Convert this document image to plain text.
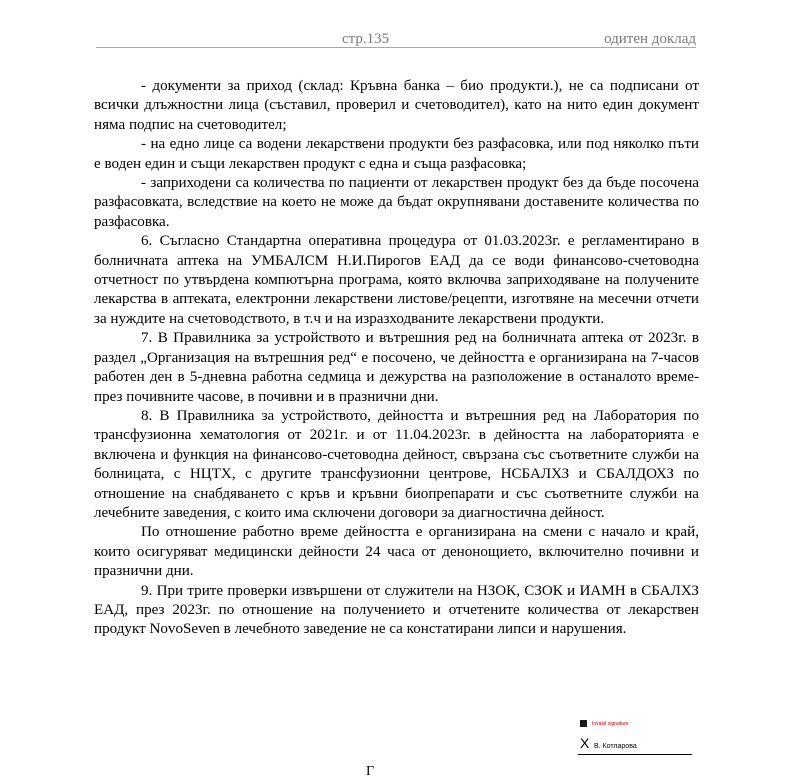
стр.135	одитен доклад

- документи за приход (склад: Кръвна банка – био продукти.), не са подписани от всички длъжностни лица (съставил, проверил и счетоводител), като на нито един документ няма подпис на счетоводител;

- на едно лице са водени лекарствени продукти без разфасовка, или под няколко пъти е воден един и същи лекарствен продукт с една и съща разфасовка;

- заприходени са количества по пациенти от лекарствен продукт без да бъде посочена разфасовката, вследствие на което не може да бъдат окрупнявани доставените количества по разфасовка.

6. Съгласно Стандартна оперативна процедура от 01.03.2023г. е регламентирано в болничната аптека на УМБАЛСМ Н.И.Пирогов ЕАД да се води финансово-счетоводна отчетност по утвърдена компютърна програма, която включва заприходяване на получените лекарства в аптеката, електронни лекарствени листове/рецепти, изготвяне на месечни отчети за нуждите на счетоводството, в т.ч и на изразходваните лекарствени продукти.

7. В Правилника за устройството и вътрешния ред на болничната аптека от 2023г. в раздел „Организация на вътрешния ред“ е посочено, че дейността е организирана на 7-часов работен ден в 5-дневна работна седмица и дежурства на разположение в останалото време-през почивните часове, в почивни и в празнични дни.

8. В Правилника за устройството, дейността и вътрешния ред на Лаборатория по трансфузионна хематология от 2021г. и от 11.04.2023г. в дейността на лабораторията е включена и функция на финансово-счетоводна дейност, свързана със съответните служби на болницата, с НЦТХ, с другите трансфузионни центрове, НСБАЛХЗ и СБАЛДОХЗ по отношение на снабдяването с кръв и кръвни биопрепарати и със съответните служби на лечебните заведения, с които има сключени договори за диагностична дейност.

По отношение работно време дейността е организирана на смени с начало и край, които осигуряват медицински дейности 24 часа от денонощието, включително почивни и празнични дни.

9. При трите проверки извършени от служители на НЗОК, СЗОК и ИАМН в СБАЛХЗ ЕАД, през 2023г. по отношение на получението и отчетените количества от лекарствен продукт NovoSeven в лечебното заведение не са констатирани липси и нарушения.

Invalid signature
X В. Котларова
Г
